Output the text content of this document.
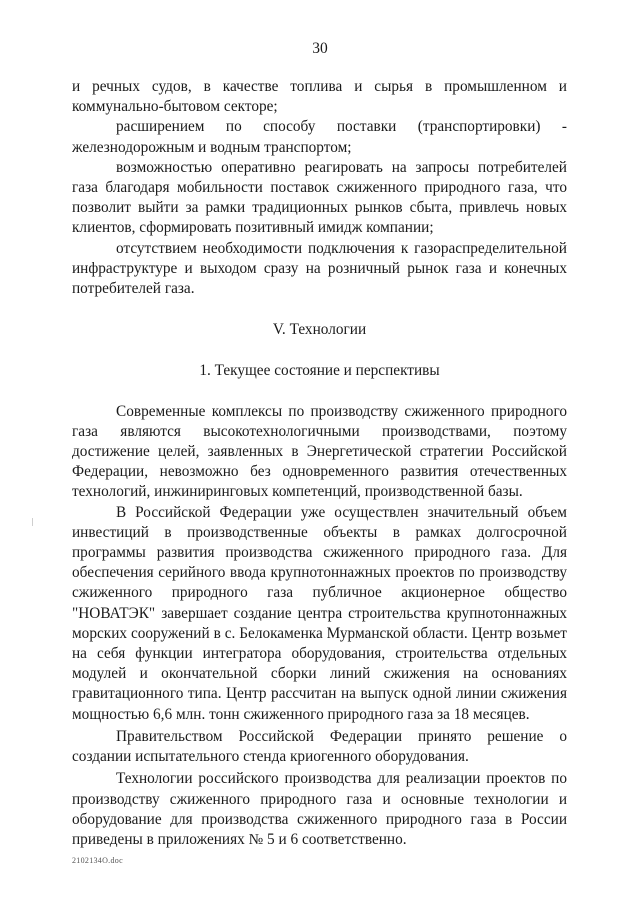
30

и речных судов, в качестве топлива и сырья в промышленном и коммунально-бытовом секторе;

расширением по способу поставки (транспортировки) - железнодорожным и водным транспортом;

возможностью оперативно реагировать на запросы потребителей газа благодаря мобильности поставок сжиженного природного газа, что позволит выйти за рамки традиционных рынков сбыта, привлечь новых клиентов, сформировать позитивный имидж компании;

отсутствием необходимости подключения к газораспределительной инфраструктуре и выходом сразу на розничный рынок газа и конечных потребителей газа.

V. Технологии

1. Текущее состояние и перспективы

Современные комплексы по производству сжиженного природного газа являются высокотехнологичными производствами, поэтому достижение целей, заявленных в Энергетической стратегии Российской Федерации, невозможно без одновременного развития отечественных технологий, инжиниринговых компетенций, производственной базы.

В Российской Федерации уже осуществлен значительный объем инвестиций в производственные объекты в рамках долгосрочной программы развития производства сжиженного природного газа. Для обеспечения серийного ввода крупнотоннажных проектов по производству сжиженного природного газа публичное акционерное общество "НОВАТЭК" завершает создание центра строительства крупнотоннажных морских сооружений в с. Белокаменка Мурманской области. Центр возьмет на себя функции интегратора оборудования, строительства отдельных модулей и окончательной сборки линий сжижения на основаниях гравитационного типа. Центр рассчитан на выпуск одной линии сжижения мощностью 6,6 млн. тонн сжиженного природного газа за 18 месяцев.

Правительством Российской Федерации принято решение о создании испытательного стенда криогенного оборудования.

Технологии российского производства для реализации проектов по производству сжиженного природного газа и основные технологии и оборудование для производства сжиженного природного газа в России приведены в приложениях № 5 и 6 соответственно.

2102134О.doc
